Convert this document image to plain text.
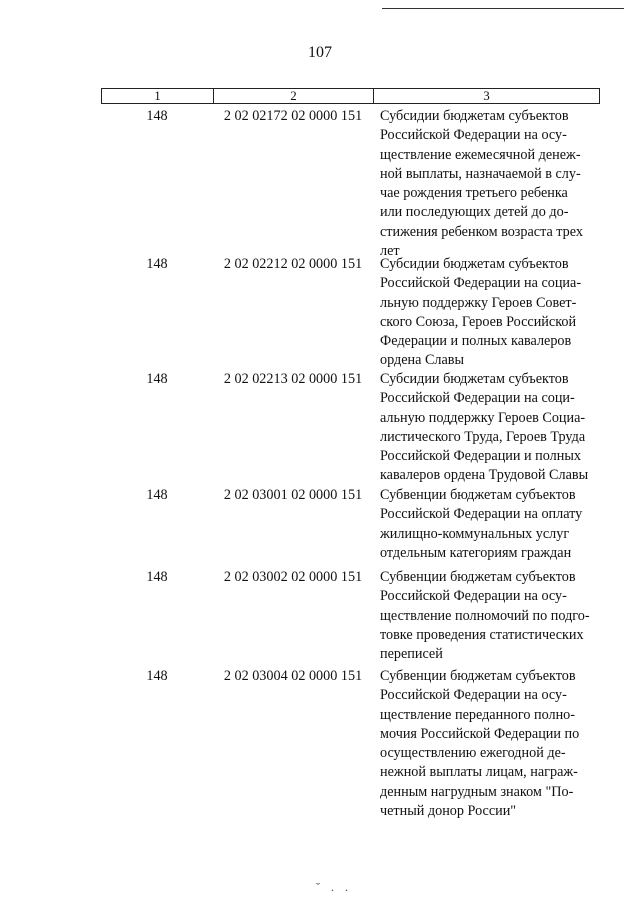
107
1	2	3
148	2 02 02172 02 0000 151	Субсидии бюджетам субъектов
Российской Федерации на осу-
ществление ежемесячной денеж-
ной выплаты, назначаемой в слу-
чае рождения третьего ребенка
или последующих детей до до-
стижения ребенком возраста трех
лет
148	2 02 02212 02 0000 151	Субсидии бюджетам субъектов
Российской Федерации на социа-
льную поддержку Героев Совет-
ского Союза, Героев Российской
Федерации и полных кавалеров
ордена Славы
148	2 02 02213 02 0000 151	Субсидии бюджетам субъектов
Российской Федерации на соци-
альную поддержку Героев Социа-
листического Труда, Героев Труда
Российской Федерации и полных
кавалеров ордена Трудовой Славы
148	2 02 03001 02 0000 151	Субвенции бюджетам субъектов
Российской Федерации на оплату
жилищно-коммунальных услуг
отдельным категориям граждан
148	2 02 03002 02 0000 151	Субвенции бюджетам субъектов
Российской Федерации на осу-
ществление полномочий по подго-
товке проведения статистических
переписей
148	2 02 03004 02 0000 151	Субвенции бюджетам субъектов
Российской Федерации на осу-
ществление переданного полно-
мочия Российской Федерации по
осуществлению ежегодной де-
нежной выплаты лицам, награж-
денным нагрудным знаком "По-
четный донор России"
˘ . .
